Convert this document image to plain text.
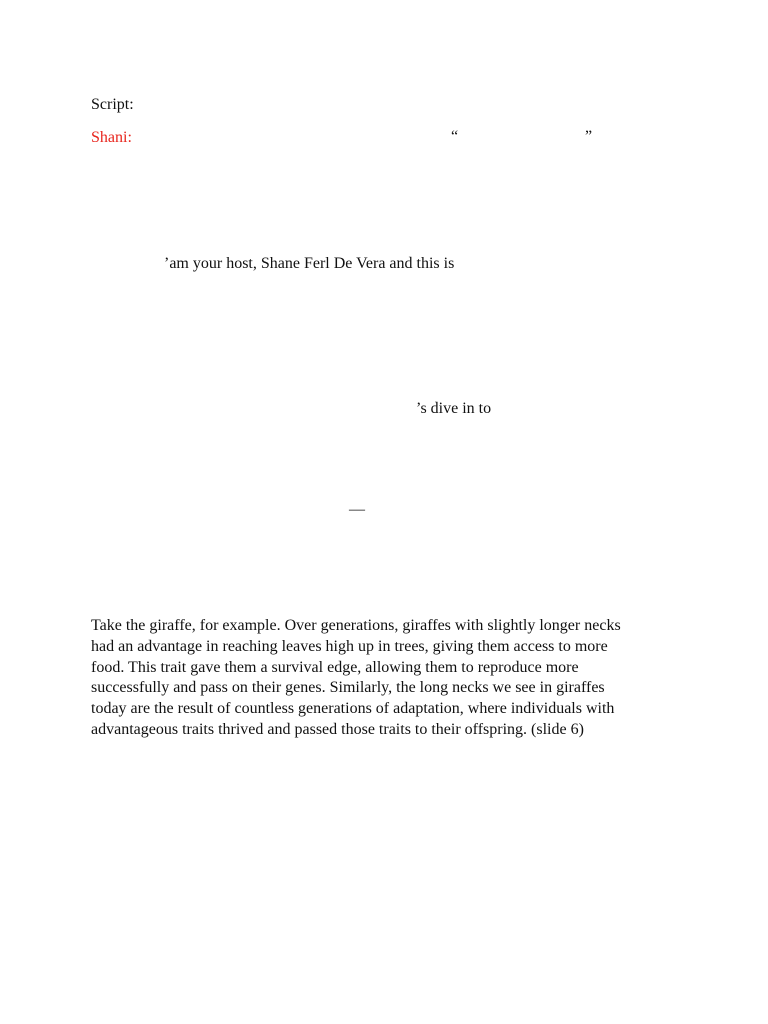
Script:
Shani:	“	”
’am your host, Shane Ferl De Vera and this is
’s dive in to
—
Take the giraffe, for example. Over generations, giraffes with slightly longer necks
had an advantage in reaching leaves high up in trees, giving them access to more
food. This trait gave them a survival edge, allowing them to reproduce more
successfully and pass on their genes. Similarly, the long necks we see in giraffes
today are the result of countless generations of adaptation, where individuals with
advantageous traits thrived and passed those traits to their offspring. (slide 6)
